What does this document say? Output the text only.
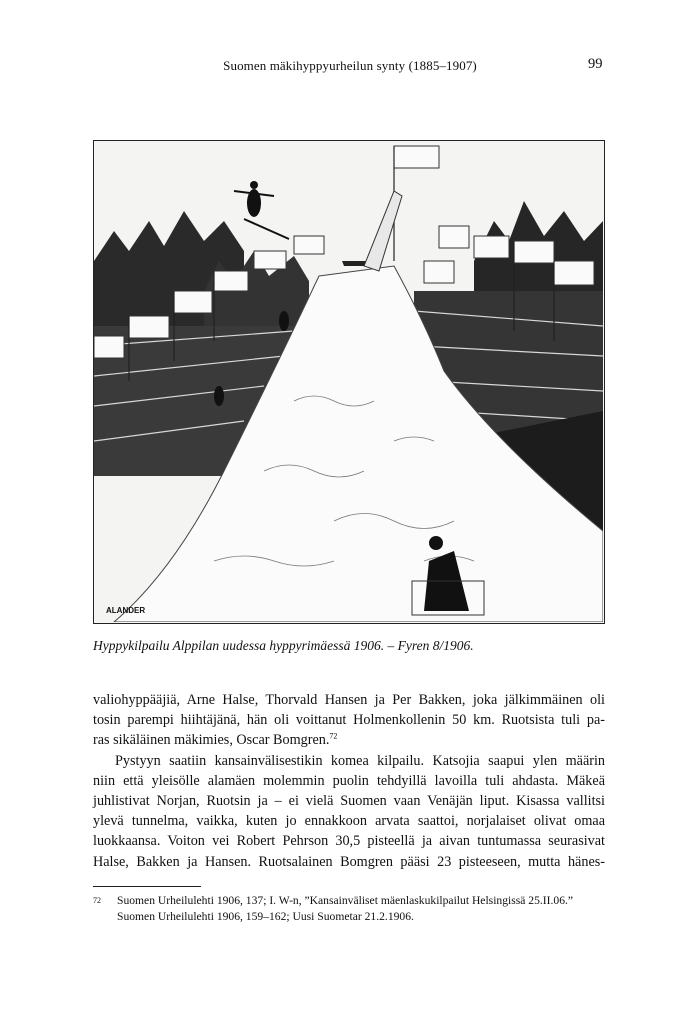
Suomen mäkihyppyurheilun synty (1885–1907)	99
ALANDER
Hyppykilpailu Alppilan uudessa hyppyrimäessä 1906. – Fyren 8/1906.

valiohyppääjiä, Arne Halse, Thorvald Hansen ja Per Bakken, joka jälkimmäinen oli

tosin parempi hiihtäjänä, hän oli voittanut Holmenkollenin 50 km. Ruotsista tuli pa-

ras sikäläinen mäkimies, Oscar Bomgren.$^{72}$

Pystyyn saatiin kansainvälisestikin komea kilpailu. Katsojia saapui ylen määrin

niin että yleisölle alamäen molemmin puolin tehdyillä lavoilla tuli ahdasta. Mäkeä

juhlistivat Norjan, Ruotsin ja – ei vielä Suomen vaan Venäjän liput. Kisassa vallitsi

ylevä tunnelma, vaikka, kuten jo ennakkoon arvata saattoi, norjalaiset olivat omaa

luokkaansa. Voiton vei Robert Pehrson 30,5 pisteellä ja aivan tuntumassa seurasivat

Halse, Bakken ja Hansen. Ruotsalainen Bomgren pääsi 23 pisteeseen, mutta hänes-

72 Suomen Urheilulehti 1906, 137; I. W-n, ”Kansainväliset mäenlaskukilpailut Helsingissä 25.II.06.”
Suomen Urheilulehti 1906, 159–162; Uusi Suometar 21.2.1906.
